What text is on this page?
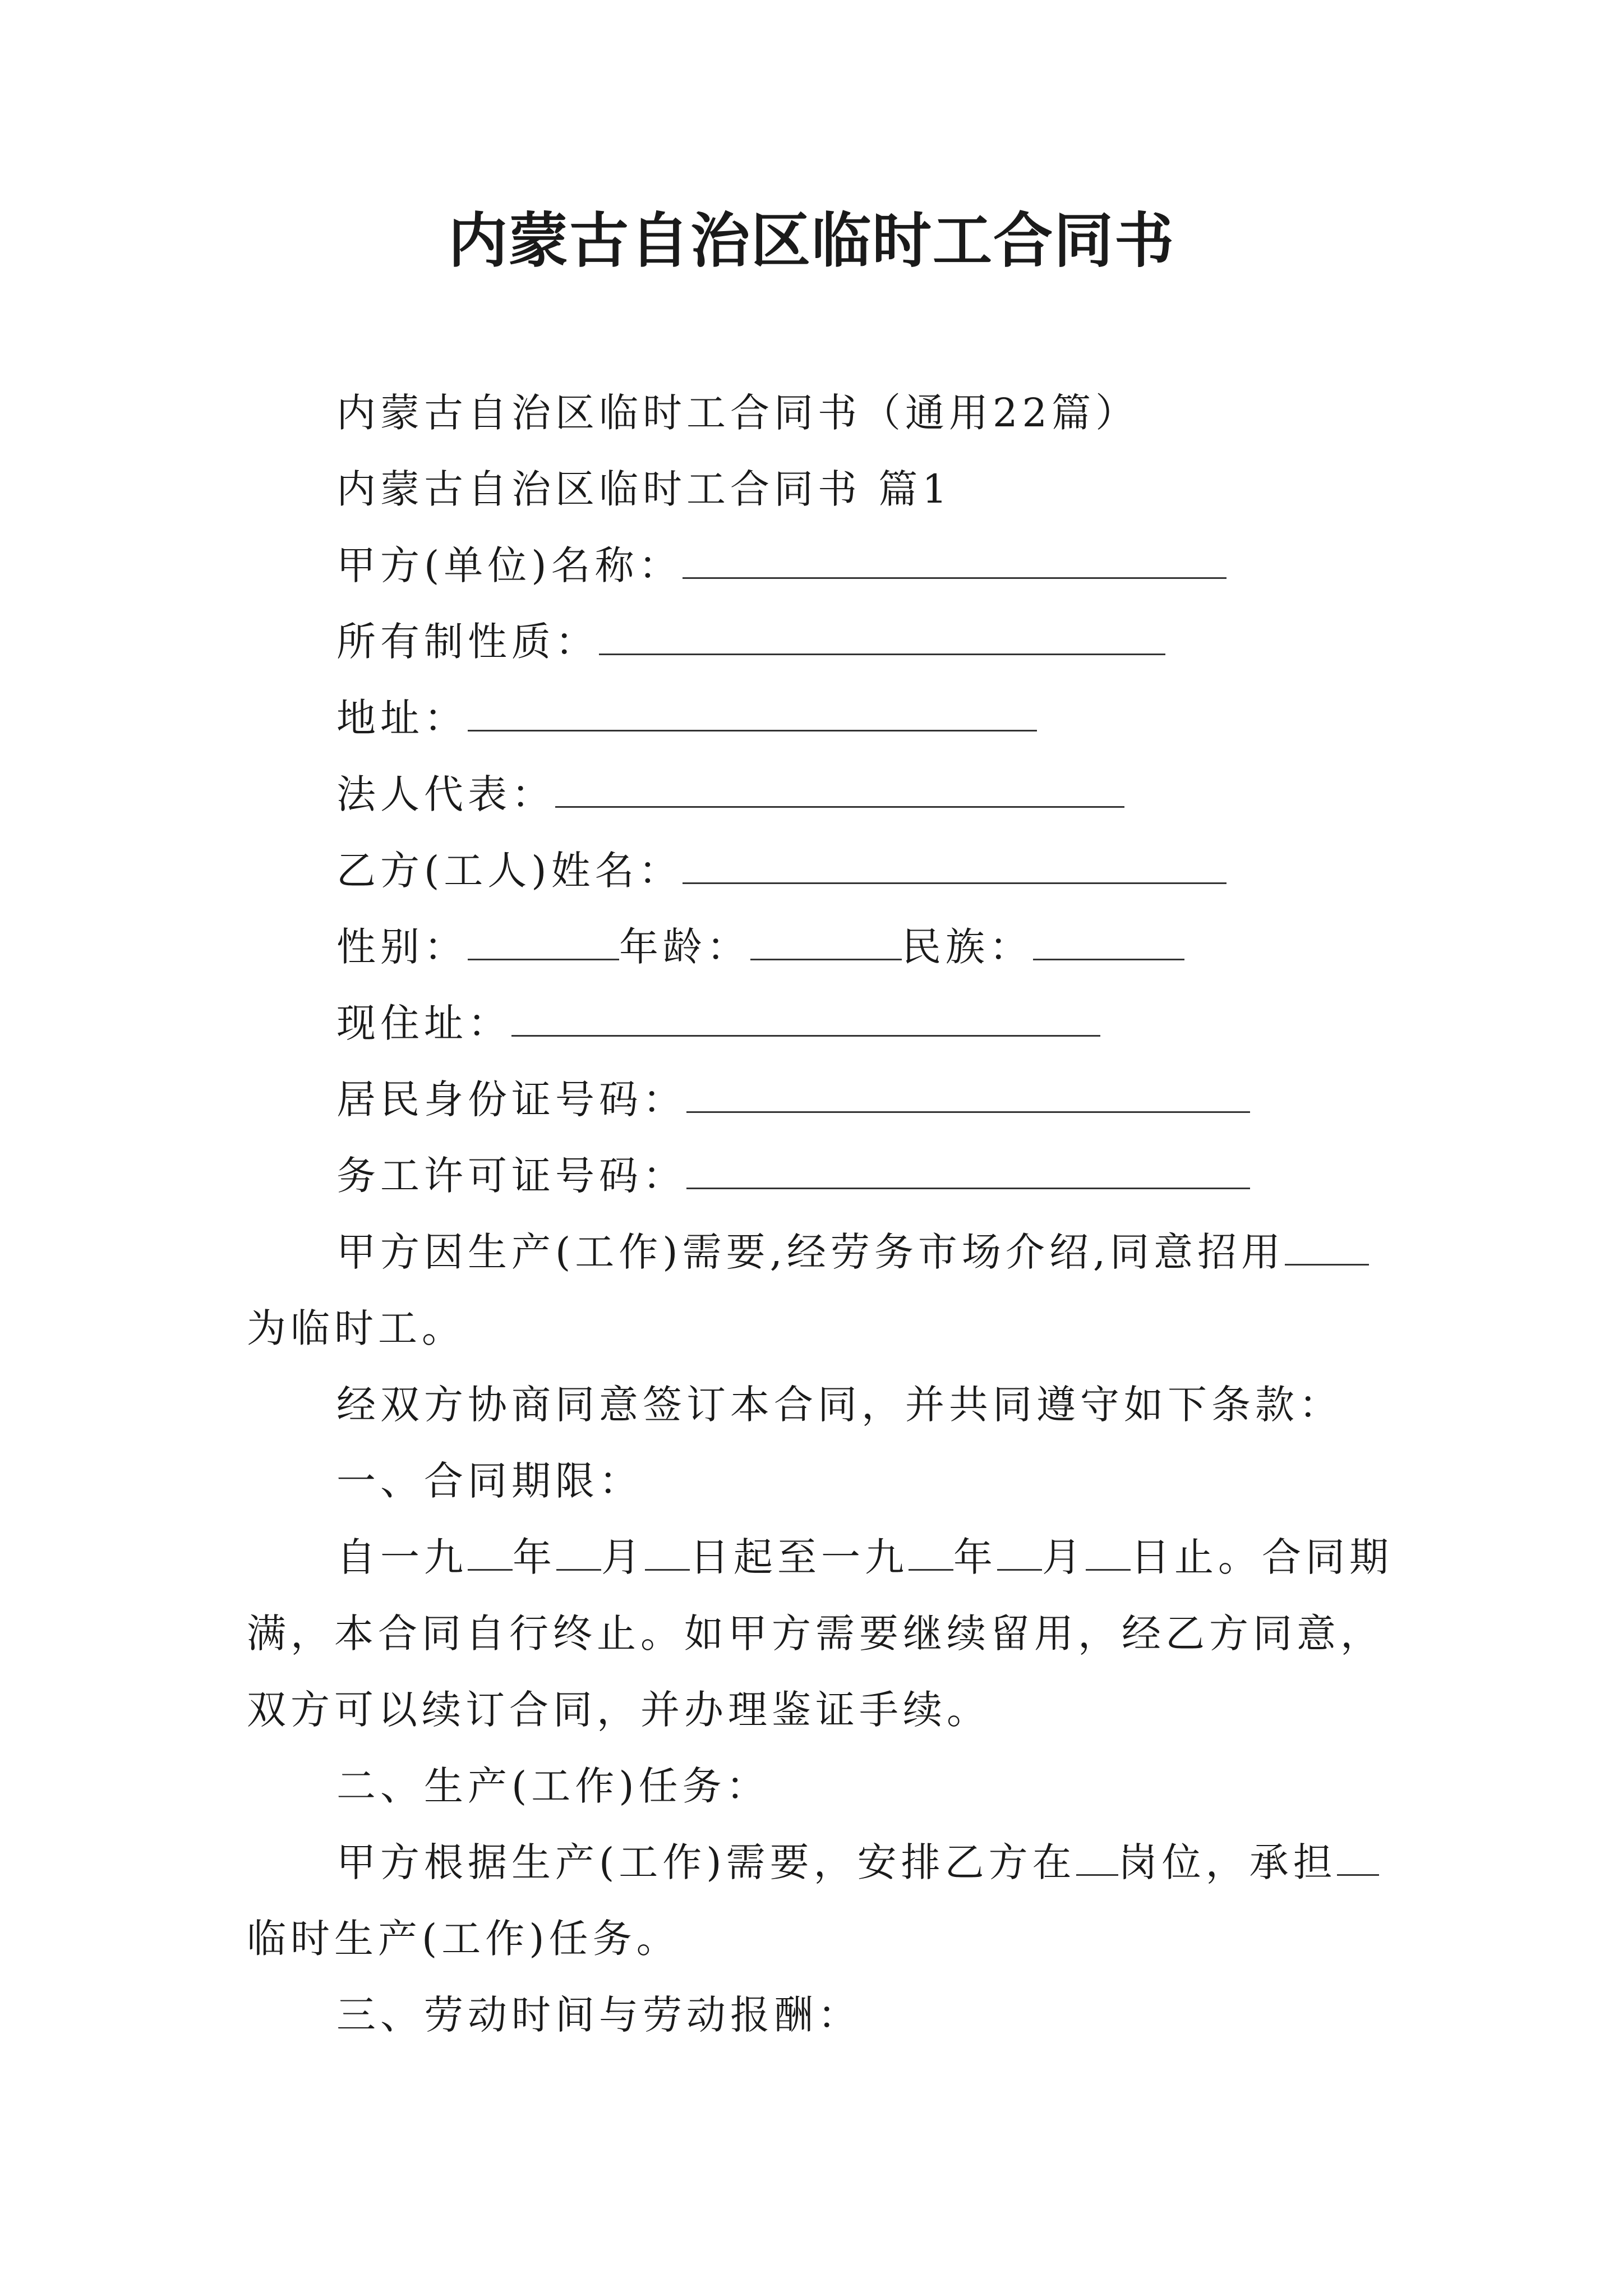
内蒙古自治区临时工合同书
内蒙古自治区临时工合同书（通用22篇）
内蒙古自治区临时工合同书 篇1
甲方(单位)名称：
所有制性质：
地址：
法人代表：
乙方(工人)姓名：
性别：	年龄：	民族：
现住址：
居民身份证号码：
务工许可证号码：
甲方因生产(工作)需要,经劳务市场介绍,同意招用
为临时工。
经双方协商同意签订本合同，并共同遵守如下条款：
一、合同期限：
自一九 年 月 日起至一九 年 月 日止。合同期
满，本合同自行终止。如甲方需要继续留用，经乙方同意，
双方可以续订合同，并办理鉴证手续。
二、生产(工作)任务：
甲方根据生产(工作)需要，安排乙方在 岗位，承担
临时生产(工作)任务。
三、劳动时间与劳动报酬：
